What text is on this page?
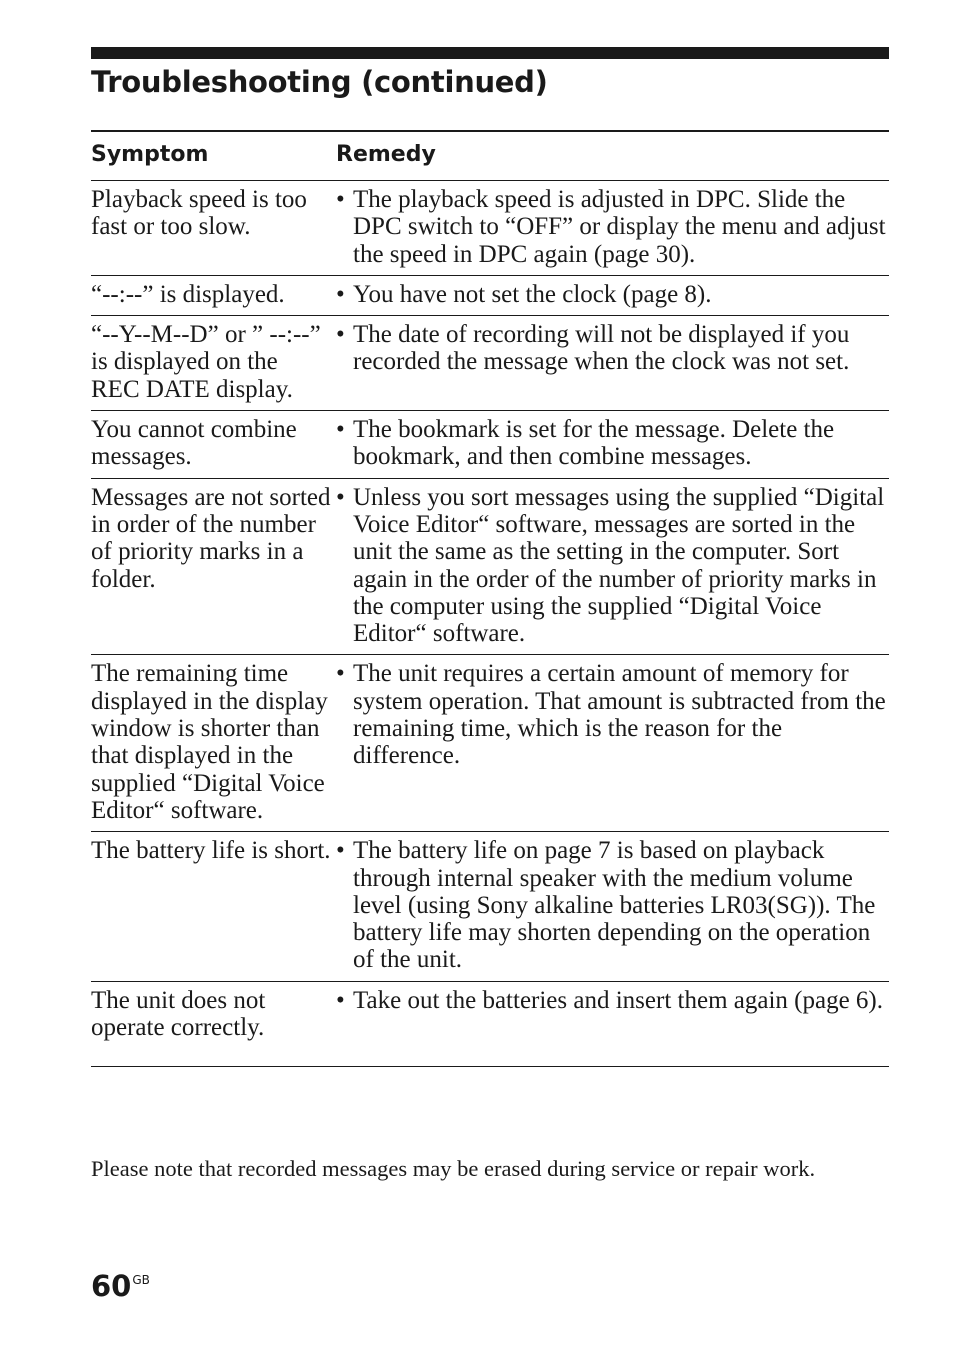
Troubleshooting (continued)
Symptom	Remedy
Playback speed is too fast or too slow.
• The playback speed is adjusted in DPC. Slide the DPC switch to “OFF” or display the menu and adjust the speed in DPC again (page 30).
“--:--” is displayed.	• You have not set the clock (page 8).
“--Y--M--D” or ” --:--” is displayed on the REC DATE display.
• The date of recording will not be displayed if you recorded the message when the clock was not set.
You cannot combine messages.
• The bookmark is set for the message. Delete the bookmark, and then combine messages.
Messages are not sorted in order of the number of priority marks in a folder.
• Unless you sort messages using the supplied “Digital Voice Editor“ software, messages are sorted in the unit the same as the setting in the computer. Sort again in the order of the number of priority marks in the computer using the supplied “Digital Voice Editor“ software.
The remaining time displayed in the display window is shorter than that displayed in the supplied “Digital Voice Editor“ software.
• The unit requires a certain amount of memory for system operation. That amount is subtracted from the remaining time, which is the reason for the difference.
The battery life is short. • The battery life on page 7 is based on playback through internal speaker with the medium volume level (using Sony alkaline batteries LR03(SG)). The battery life may shorten depending on the operation of the unit.
The unit does not operate correctly.
• Take out the batteries and insert them again (page 6).

Please note that recorded messages may be erased during service or repair work.

$60^{GB}$
